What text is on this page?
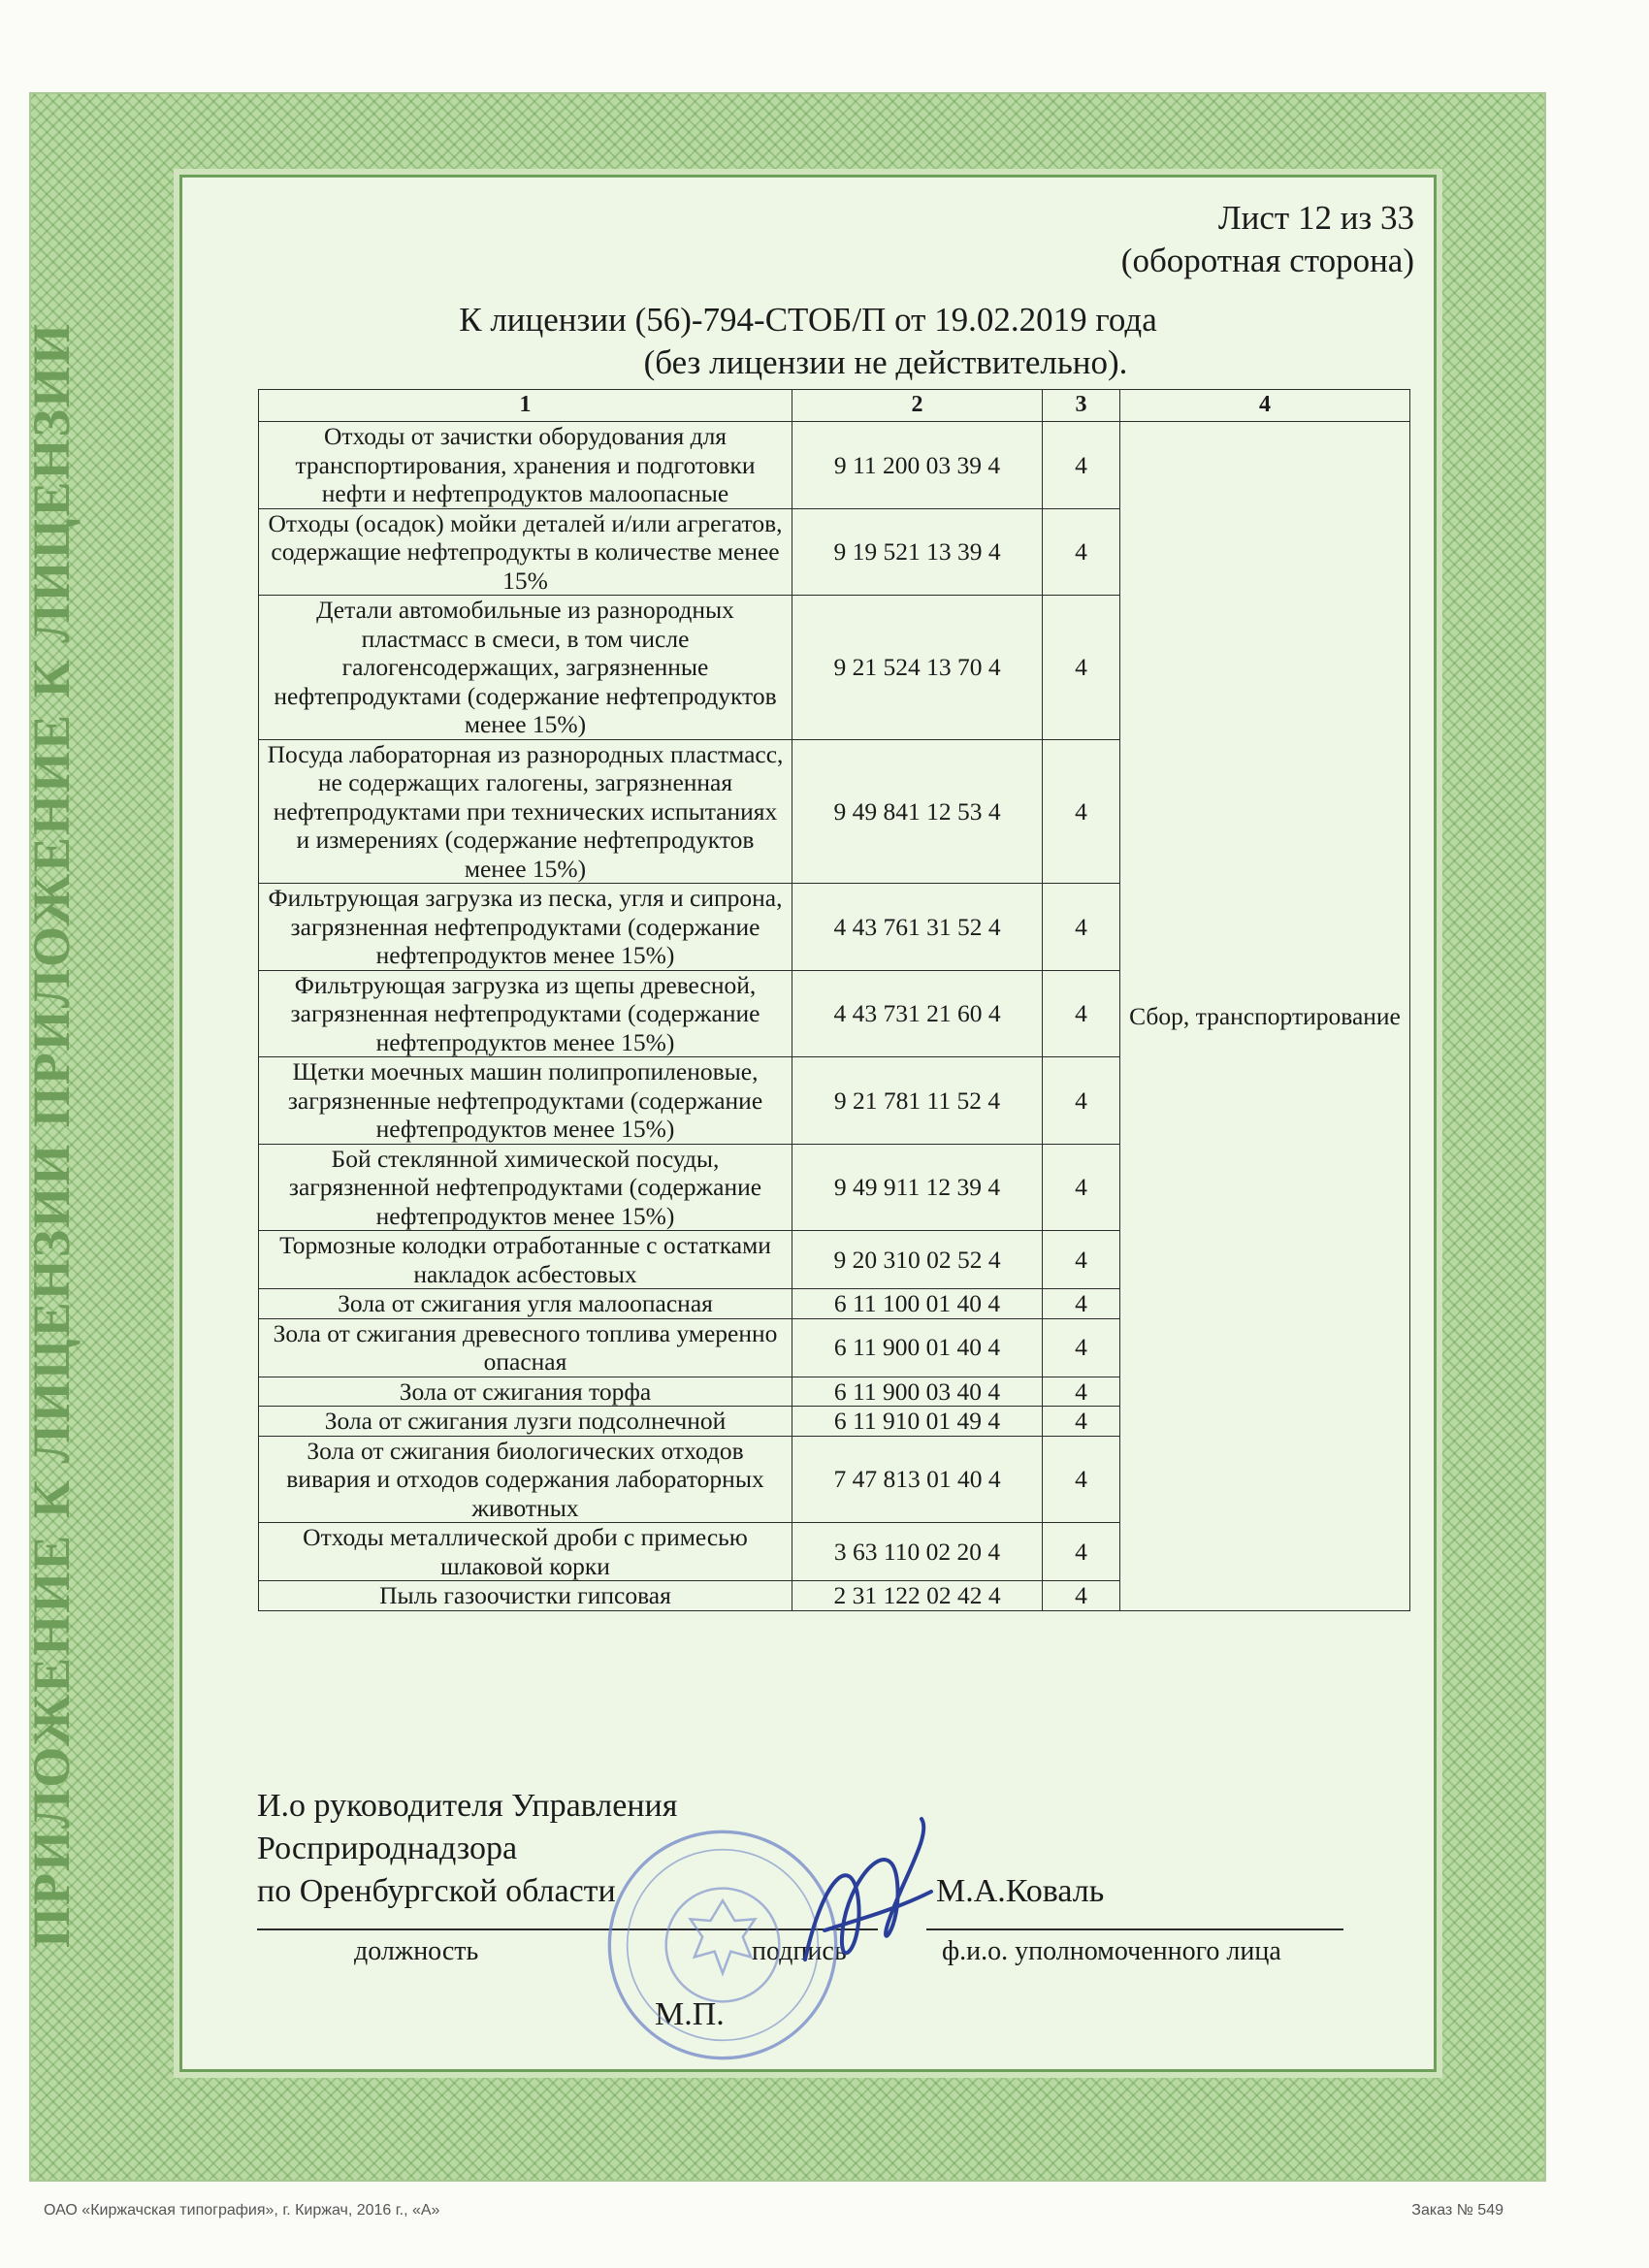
ПРИЛОЖЕНИЕ К ЛИЦЕНЗИИ ПРИЛОЖЕНИЕ К ЛИЦЕНЗИИ
Лист 12 из 33
(оборотная сторона)
К лицензии (56)-794-СТОБ/П от 19.02.2019 года
(без лицензии не действительно).
1	2	3	4
Отходы от зачистки оборудования для транспортирования, хранения и подготовки нефти и нефтепродуктов малоопасные	9 11 200 03 39 4	4	Сбор, транспортирование
Отходы (осадок) мойки деталей и/или агрегатов, содержащие нефтепродукты в количестве менее 15%	9 19 521 13 39 4	4	
Детали автомобильные из разнородных пластмасс в смеси, в том числе галогенсодержащих, загрязненные нефтепродуктами (содержание нефтепродуктов менее 15%)	9 21 524 13 70 4	4	
Посуда лабораторная из разнородных пластмасс, не содержащих галогены, загрязненная нефтепродуктами при технических испытаниях и измерениях (содержание нефтепродуктов менее 15%)	9 49 841 12 53 4	4	
Фильтрующая загрузка из песка, угля и сипрона, загрязненная нефтепродуктами (содержание нефтепродуктов менее 15%)	4 43 761 31 52 4	4	
Фильтрующая загрузка из щепы древесной, загрязненная нефтепродуктами (содержание нефтепродуктов менее 15%)	4 43 731 21 60 4	4	
Щетки моечных машин полипропиленовые, загрязненные нефтепродуктами (содержание нефтепродуктов менее 15%)	9 21 781 11 52 4	4	
Бой стеклянной химической посуды, загрязненной нефтепродуктами (содержание нефтепродуктов менее 15%)	9 49 911 12 39 4	4	
Тормозные колодки отработанные с остатками накладок асбестовых	9 20 310 02 52 4	4	
Зола от сжигания угля малоопасная	6 11 100 01 40 4	4	
Зола от сжигания древесного топлива умеренно опасная	6 11 900 01 40 4	4	
Зола от сжигания торфа	6 11 900 03 40 4	4	
Зола от сжигания лузги подсолнечной	6 11 910 01 49 4	4	
Зола от сжигания биологических отходов вивария и отходов содержания лабораторных животных	7 47 813 01 40 4	4	
Отходы металлической дроби с примесью шлаковой корки	3 63 110 02 20 4	4	
Пыль газоочистки гипсовая	2 31 122 02 42 4	4	
И.о руководителя Управления
Росприроднадзора
по Оренбургской области	М.А.Коваль
должность	подпись	ф.и.о. уполномоченного лица
М.П.
ОАО «Киржачская типография», г. Киржач, 2016 г., «А»	Заказ № 549
